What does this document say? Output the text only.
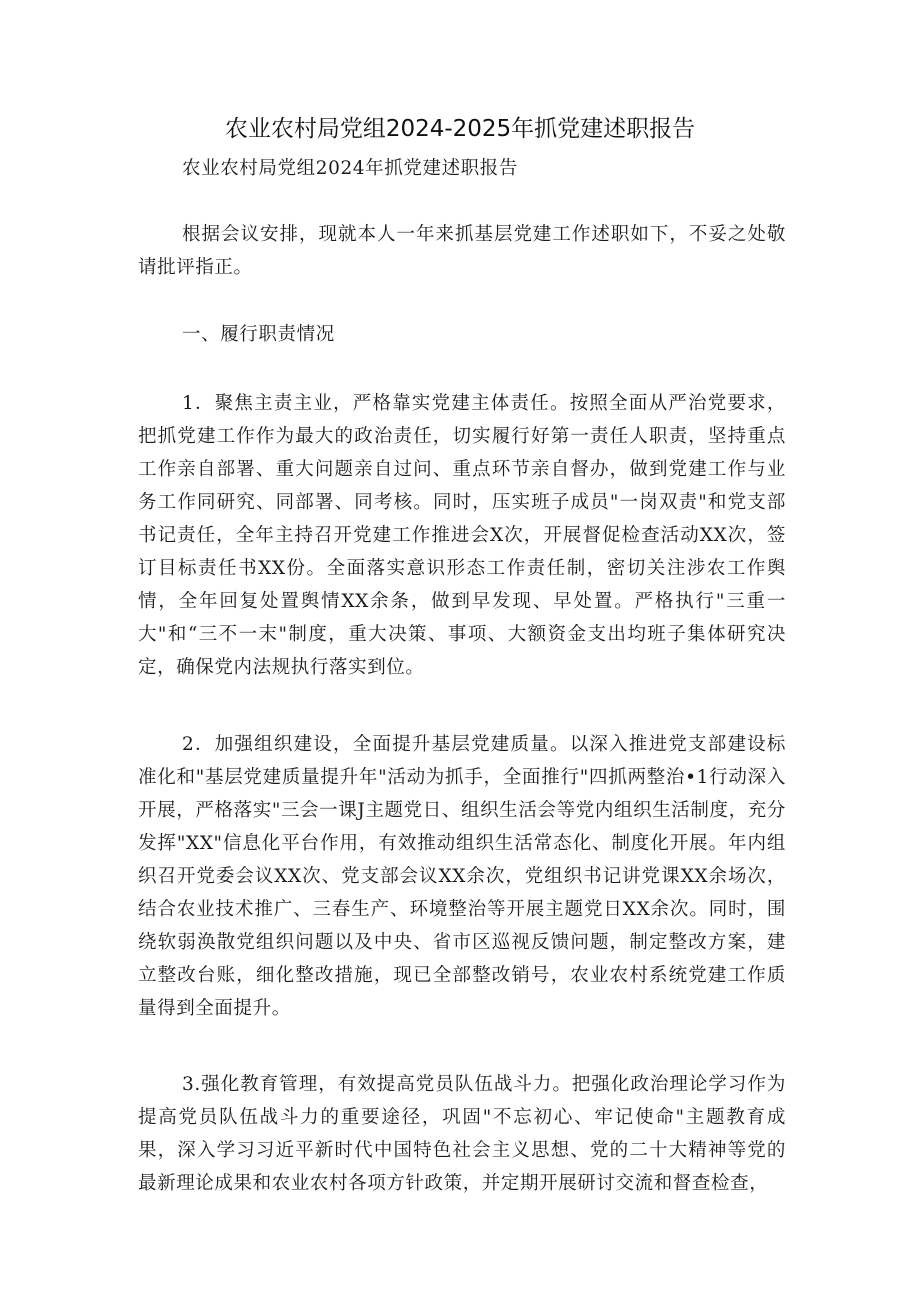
农业农村局党组2024-2025年抓党建述职报告
农业农村局党组2024年抓党建述职报告
根据会议安排，现就本人一年来抓基层党建工作述职如下，不妥之处敬请批评指正。
一、履行职责情况
1．聚焦主责主业，严格靠实党建主体责任。按照全面从严治党要求，把抓党建工作作为最大的政治责任，切实履行好第一责任人职责，坚持重点工作亲自部署、重大问题亲自过问、重点环节亲自督办，做到党建工作与业务工作同研究、同部署、同考核。同时，压实班子成员"一岗双责"和党支部书记责任，全年主持召开党建工作推进会X次，开展督促检查活动XX次，签订目标责任书XX份。全面落实意识形态工作责任制，密切关注涉农工作舆情，全年回复处置舆情XX余条，做到早发现、早处置。严格执行"三重一大"和“三不一末"制度，重大决策、事项、大额资金支出均班子集体研究决定，确保党内法规执行落实到位。
2．加强组织建设，全面提升基层党建质量。以深入推进党支部建设标准化和"基层党建质量提升年"活动为抓手，全面推行"四抓两整治•1行动深入开展，严格落实"三会一课J主题党日、组织生活会等党内组织生活制度，充分发挥"XX"信息化平台作用，有效推动组织生活常态化、制度化开展。年内组织召开党委会议XX次、党支部会议XX余次，党组织书记讲党课XX余场次，结合农业技术推广、三春生产、环境整治等开展主题党日XX余次。同时，围绕软弱涣散党组织问题以及中央、省市区巡视反馈问题，制定整改方案，建立整改台账，细化整改措施，现已全部整改销号，农业农村系统党建工作质量得到全面提升。
3.强化教育管理，有效提高党员队伍战斗力。把强化政治理论学习作为提高党员队伍战斗力的重要途径，巩固"不忘初心、牢记使命"主题教育成果，深入学习习近平新时代中国特色社会主义思想、党的二十大精神等党的最新理论成果和农业农村各项方针政策，并定期开展研讨交流和督查检查，
